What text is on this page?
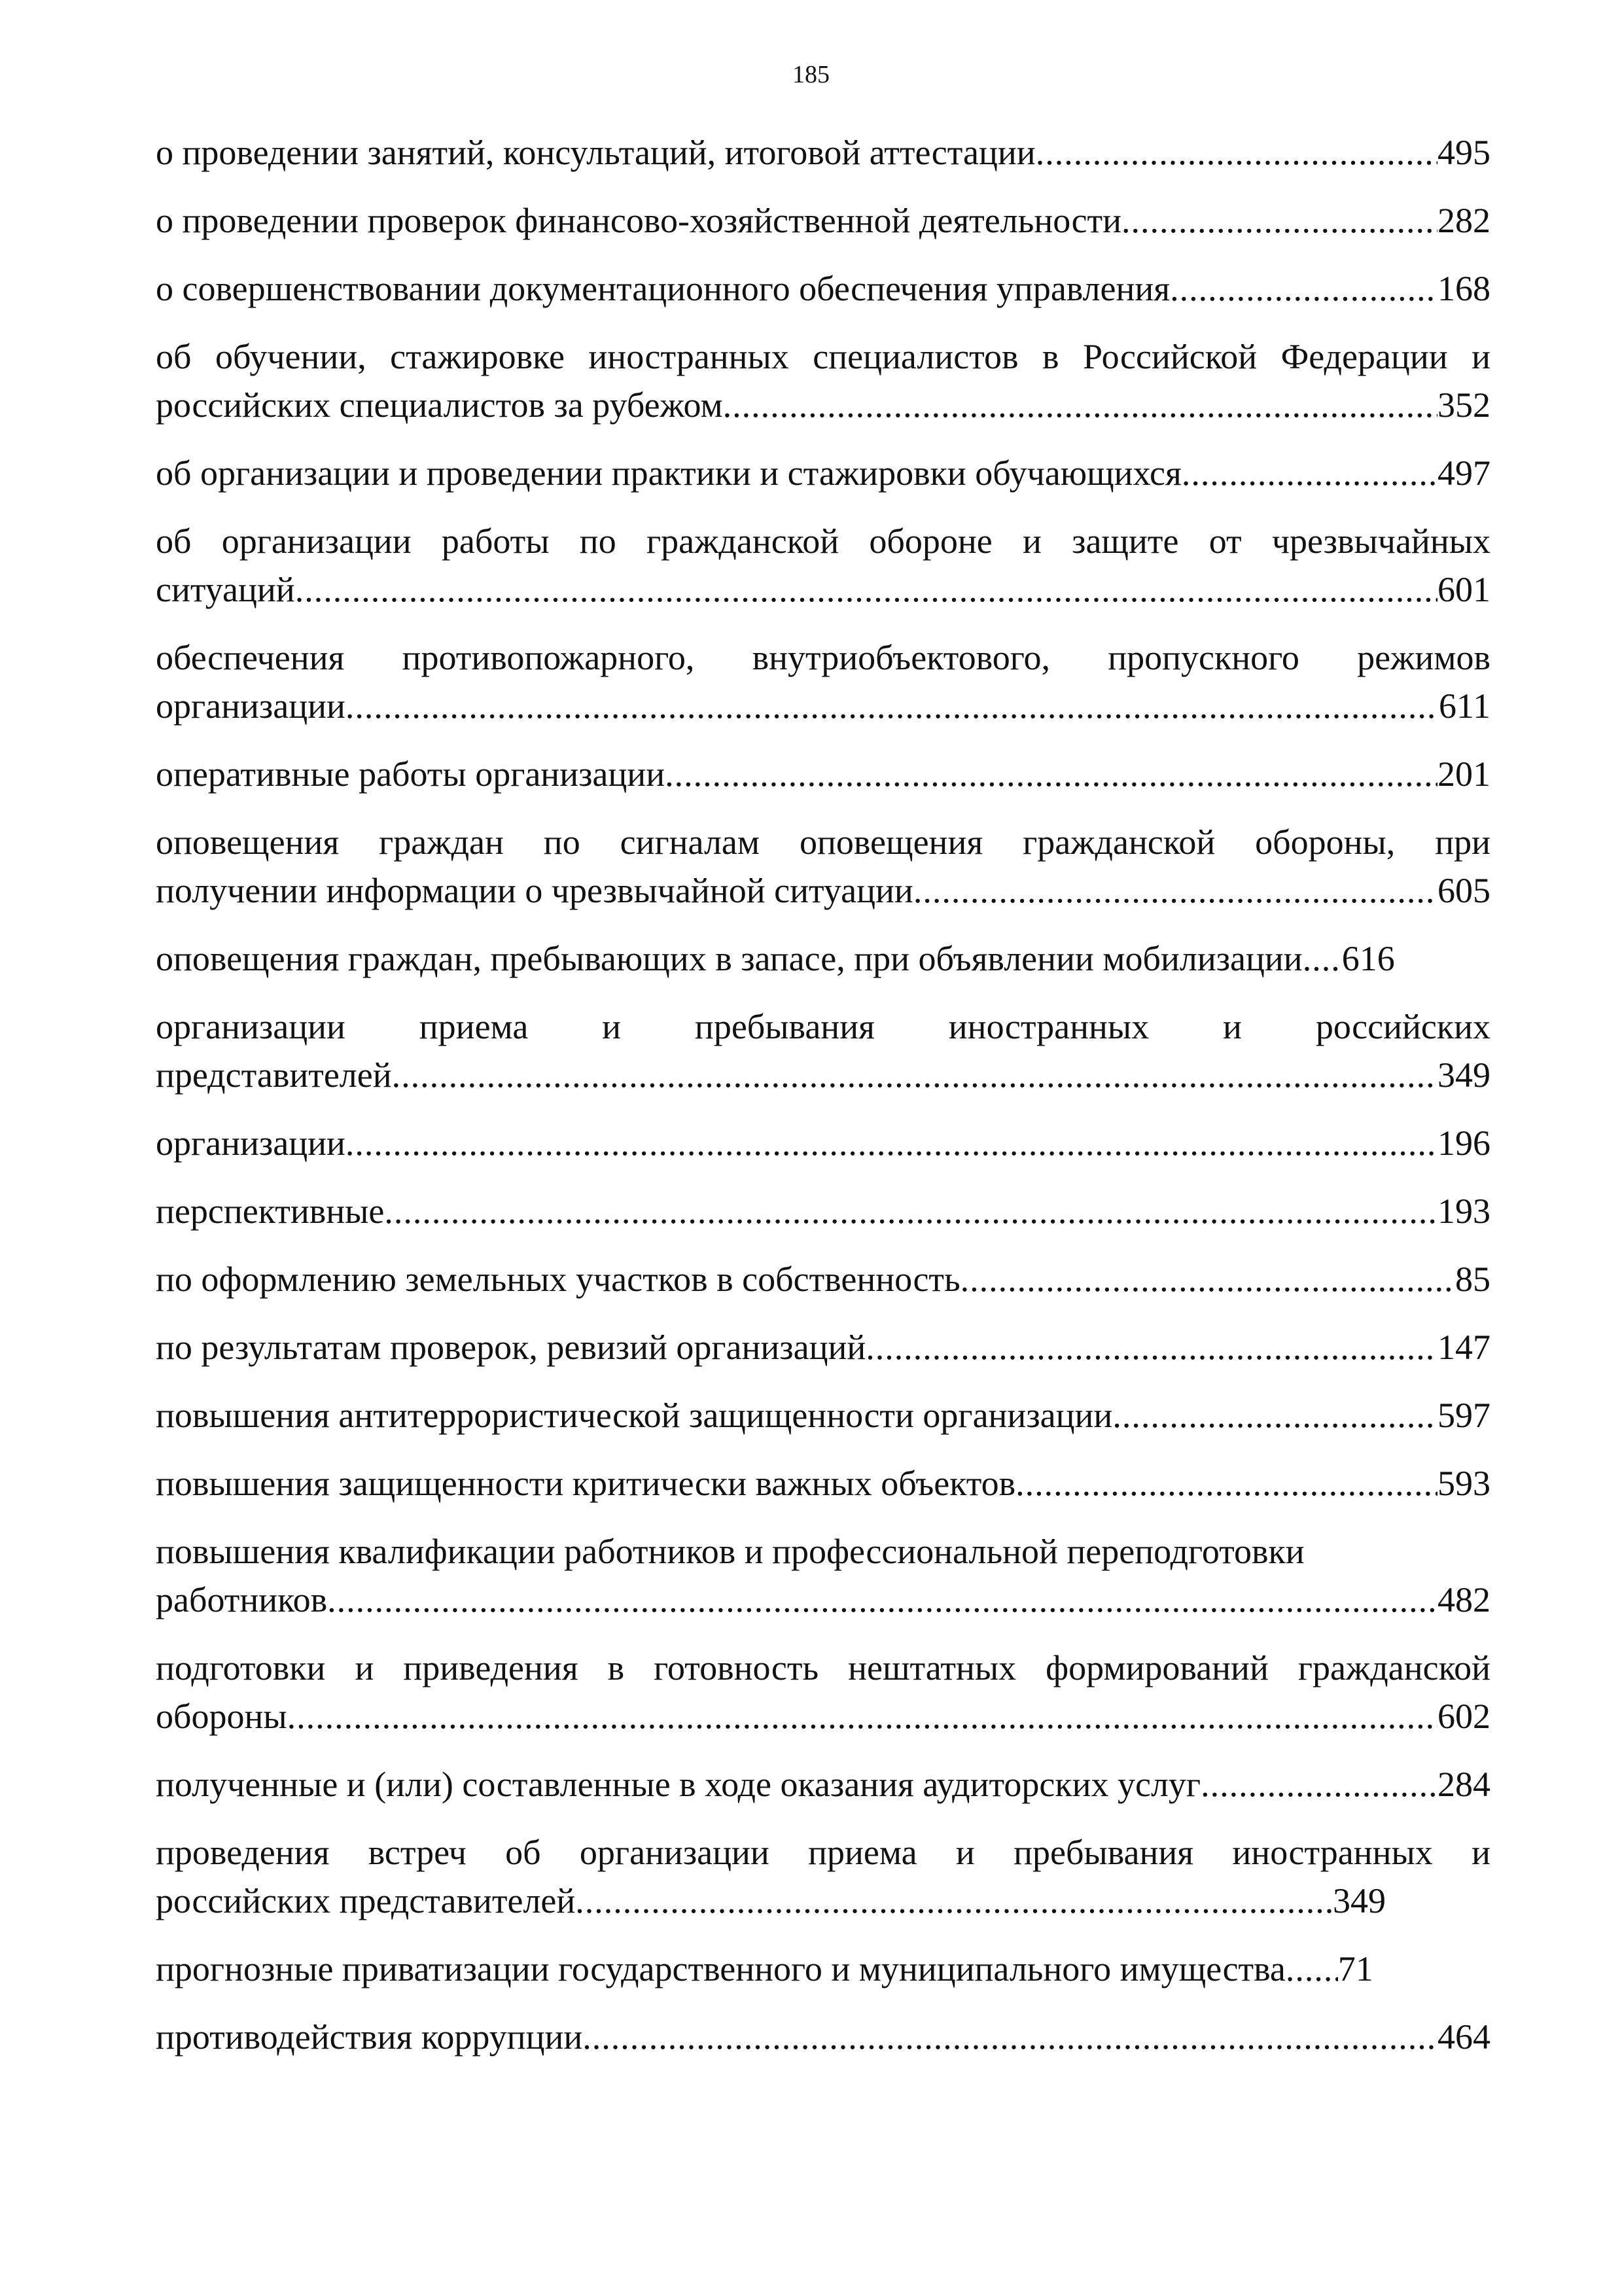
185
о проведении занятий, консультаций, итоговой аттестации .....	495
о проведении проверок финансово-хозяйственной деятельности .....	282
о совершенствовании документационного обеспечения управления .....	168
об обучении, стажировке иностранных специалистов в Российской Федерации и
российских специалистов за рубежом .....	352
об организации и проведении практики и стажировки обучающихся .....	497
об организации работы по гражданской обороне и защите от чрезвычайных
ситуаций .....	601
обеспечения противопожарного, внутриобъектового, пропускного режимов
организации .....	611
оперативные работы организации .....	201
оповещения граждан по сигналам оповещения гражданской обороны, при
получении информации о чрезвычайной ситуации .....	605
оповещения граждан, пребывающих в запасе, при объявлении мобилизации ..... 616
организации приема и пребывания иностранных и российских
представителей .....	349
организации .....	196
перспективные .....	193
по оформлению земельных участков в собственность .....	85
по результатам проверок, ревизий организаций .....	147
повышения антитеррористической защищенности организации .....	597
повышения защищенности критически важных объектов .....	593
повышения квалификации работников и профессиональной переподготовки
работников .....	482
подготовки и приведения в готовность нештатных формирований гражданской
обороны .....	602
полученные и (или) составленные в ходе оказания аудиторских услуг .....	284
проведения встреч об организации приема и пребывания иностранных и
российских представителей .....	349
прогнозные приватизации государственного и муниципального имущества ..... 71
противодействия коррупции .....	464
